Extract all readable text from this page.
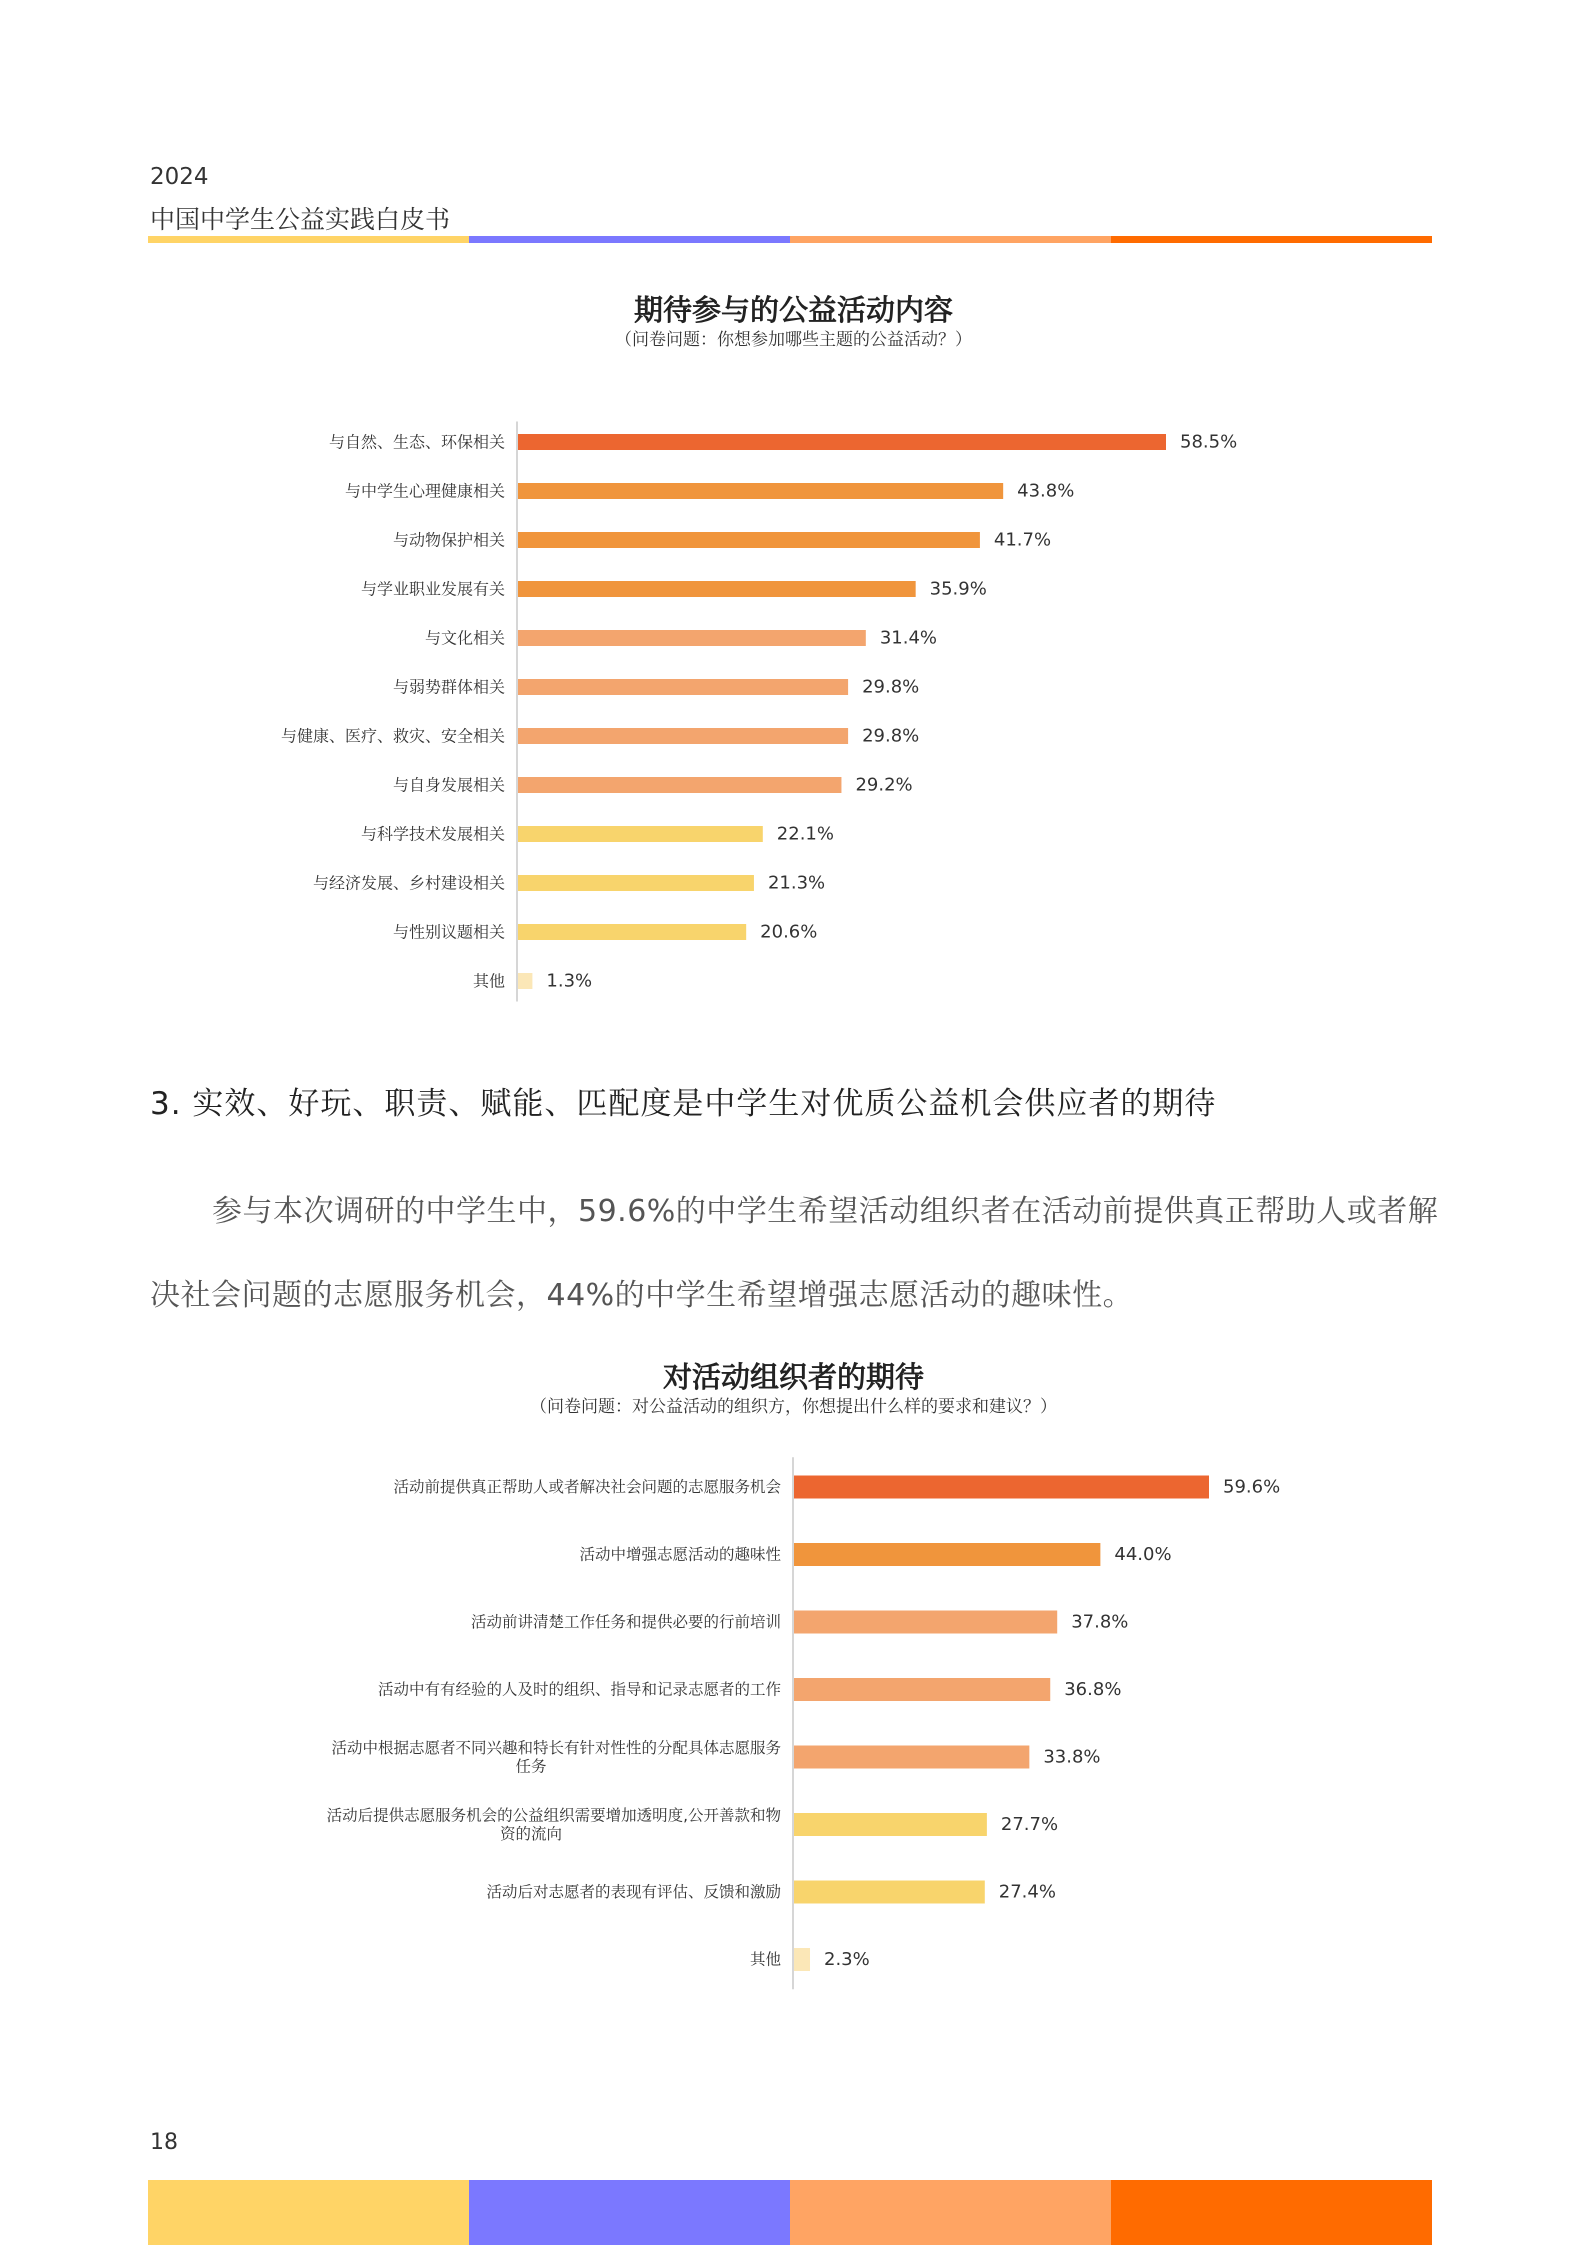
2024
中国中学生公益实践白皮书
期待参与的公益活动内容
（问卷问题：你想参加哪些主题的公益活动？）
58.5%
与自然、生态、环保相关
43.8%
与中学生心理健康相关
41.7%
与动物保护相关
35.9%
与学业职业发展有关
31.4%
与文化相关
29.8%
与弱势群体相关
29.8%
与健康、医疗、救灾、安全相关
29.2%
与自身发展相关
22.1%
与科学技术发展相关
21.3%
与经济发展、乡村建设相关
20.6%
与性别议题相关
1.3%
其他
3. 实效、好玩、职责、赋能、匹配度是中学生对优质公益机会供应者的期待
参与本次调研的中学生中，59.6%的中学生希望活动组织者在活动前提供真正帮助人或者解决社会问题的志愿服务机会，44%的中学生希望增强志愿活动的趣味性。
对活动组织者的期待
（问卷问题：对公益活动的组织方，你想提出什么样的要求和建议？）
59.6%
活动前提供真正帮助人或者解决社会问题的志愿服务机会
44.0%
活动中增强志愿活动的趣味性
37.8%
活动前讲清楚工作任务和提供必要的行前培训
36.8%
活动中有有经验的人及时的组织、指导和记录志愿者的工作
33.8%
活动中根据志愿者不同兴趣和特长有针对性性的分配具体志愿服务
任务
27.7%
活动后提供志愿服务机会的公益组织需要增加透明度,公开善款和物
资的流向
27.4%
活动后对志愿者的表现有评估、反馈和激励
2.3%
其他
18
